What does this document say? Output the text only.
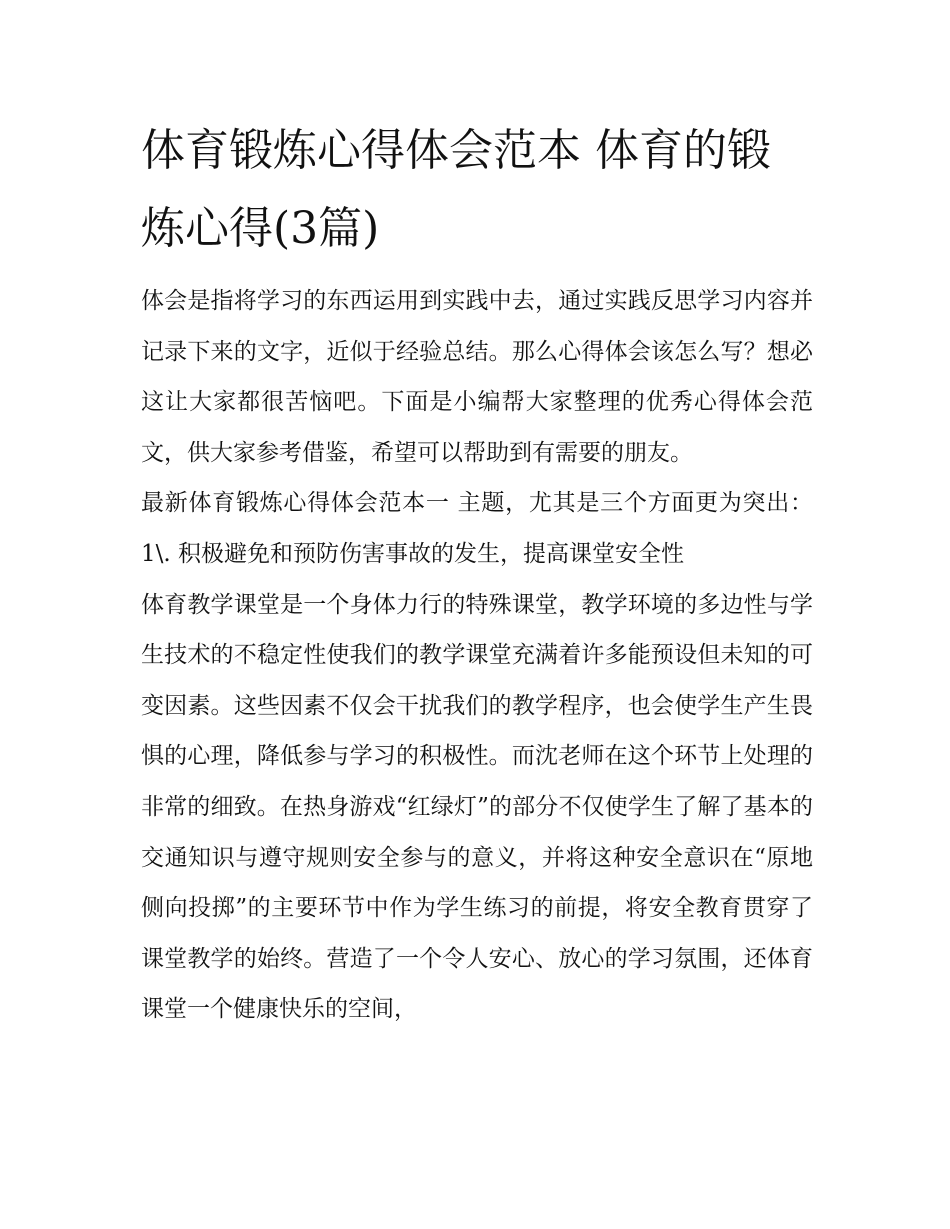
体育锻炼心得体会范本 体育的锻炼心得(3篇)

体会是指将学习的东西运用到实践中去，通过实践反思学习内容并记录下来的文字，近似于经验总结。那么心得体会该怎么写？想必这让大家都很苦恼吧。下面是小编帮大家整理的优秀心得体会范文，供大家参考借鉴，希望可以帮助到有需要的朋友。

最新体育锻炼心得体会范本一 主题，尤其是三个方面更为突出： 1\. 积极避免和预防伤害事故的发生，提高课堂安全性

体育教学课堂是一个身体力行的特殊课堂，教学环境的多边性与学生技术的不稳定性使我们的教学课堂充满着许多能预设但未知的可变因素。这些因素不仅会干扰我们的教学程序，也会使学生产生畏惧的心理，降低参与学习的积极性。而沈老师在这个环节上处理的非常的细致。在热身游戏“红绿灯”的部分不仅使学生了解了基本的交通知识与遵守规则安全参与的意义，并将这种安全意识在“原地侧向投掷”的主要环节中作为学生练习的前提，将安全教育贯穿了课堂教学的始终。营造了一个令人安心、放心的学习氛围，还体育课堂一个健康快乐的空间，
